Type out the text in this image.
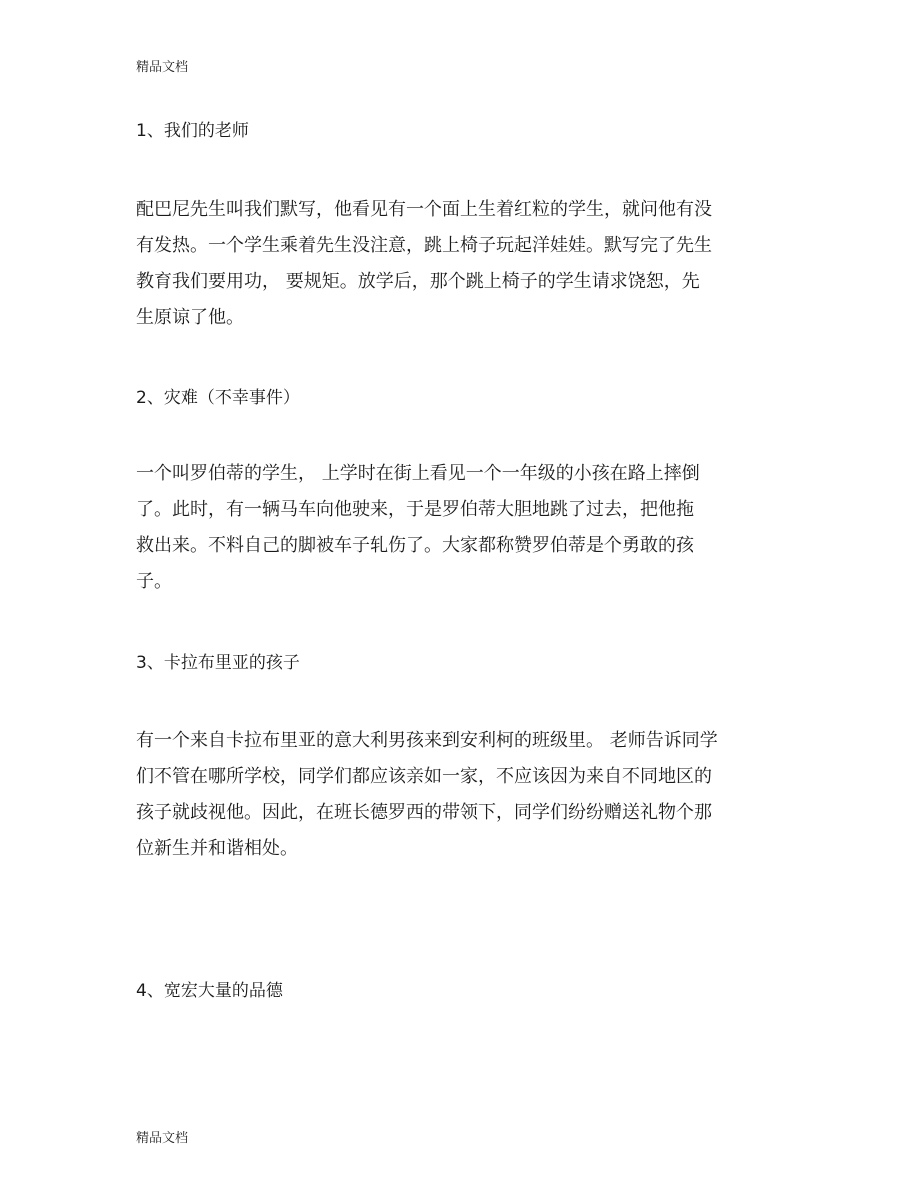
精品文档
1、我们的老师
配巴尼先生叫我们默写，他看见有一个面上生着红粒的学生，就问他有没
有发热。一个学生乘着先生没注意，跳上椅子玩起洋娃娃。默写完了先生
教育我们要用功， 要规矩。放学后，那个跳上椅子的学生请求饶恕，先
生原谅了他。
2、灾难（不幸事件）
一个叫罗伯蒂的学生， 上学时在街上看见一个一年级的小孩在路上摔倒
了。此时，有一辆马车向他驶来，于是罗伯蒂大胆地跳了过去，把他拖
救出来。不料自己的脚被车子轧伤了。大家都称赞罗伯蒂是个勇敢的孩
子。
3、卡拉布里亚的孩子
有一个来自卡拉布里亚的意大利男孩来到安利柯的班级里。 老师告诉同学
们不管在哪所学校，同学们都应该亲如一家，不应该因为来自不同地区的
孩子就歧视他。因此，在班长德罗西的带领下，同学们纷纷赠送礼物个那
位新生并和谐相处。
4、宽宏大量的品德
精品文档
